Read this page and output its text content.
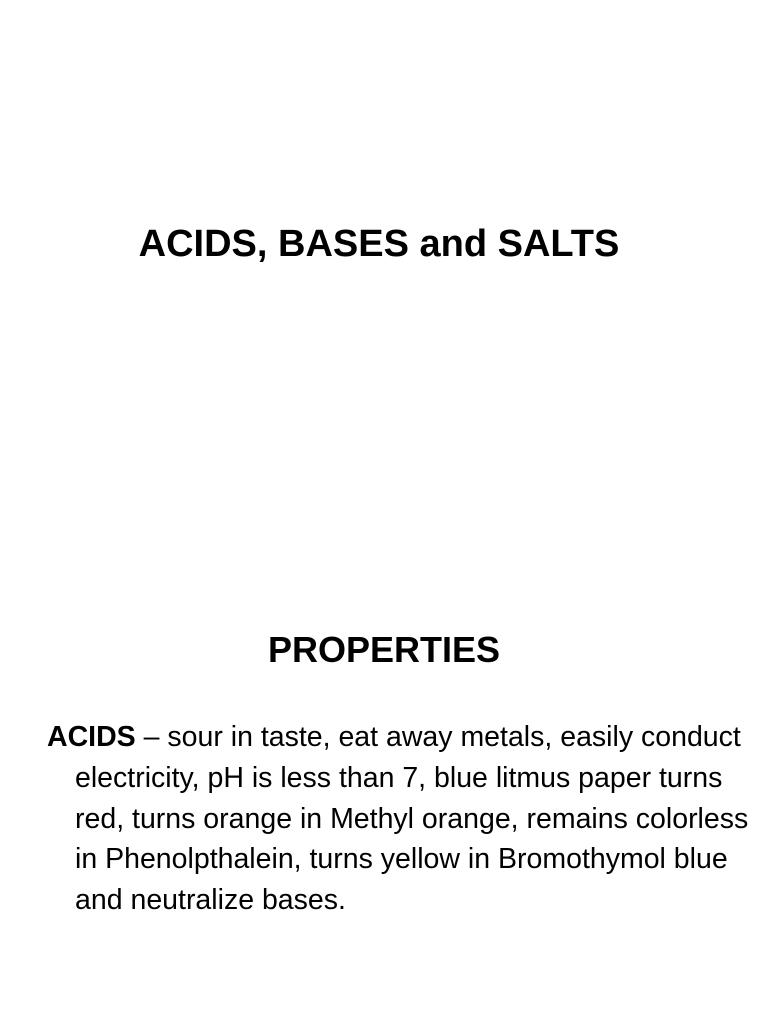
ACIDS, BASES and SALTS
PROPERTIES

ACIDS – sour in taste, eat away metals, easily conduct electricity, pH is less than 7, blue litmus paper turns red, turns orange in Methyl orange, remains colorless in Phenolpthalein, turns yellow in Bromothymol blue and neutralize bases.
